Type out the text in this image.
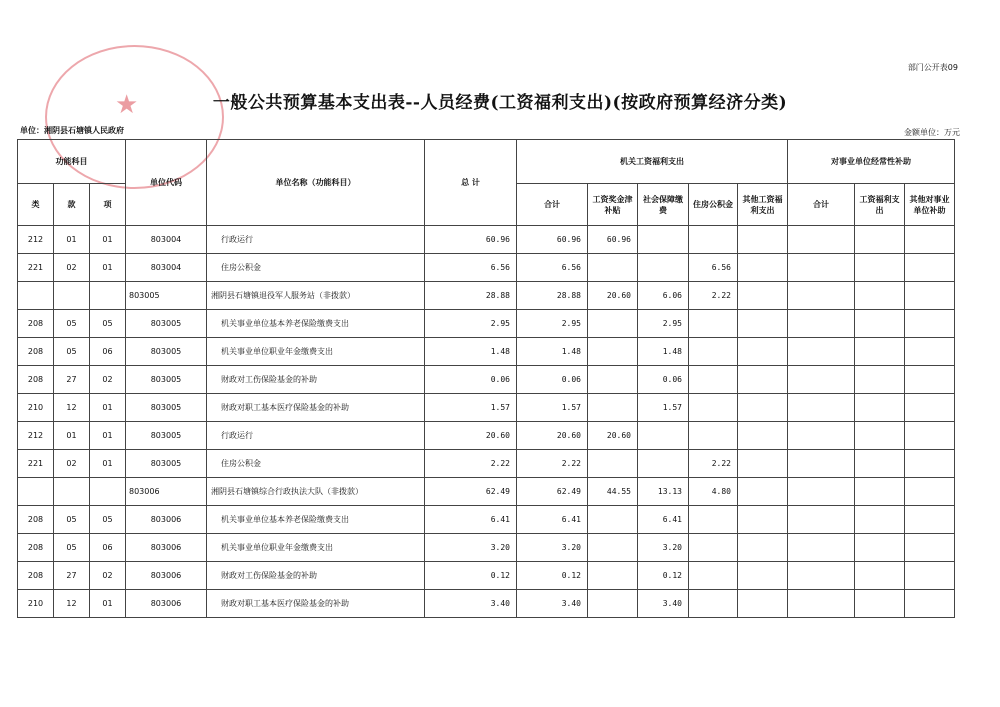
★
部门公开表09
一般公共预算基本支出表--人员经费(工资福利支出)(按政府预算经济分类)
单位：湘阴县石塘镇人民政府	金额单位：万元
功能科目			单位代码	单位名称（功能科目）	总 计	机关工资福利支出					对事业单位经常性补助		
类	款	项				合计	工资奖金津补贴	社会保障缴费	住房公积金	其他工资福利支出	合计	工资福利支出	其他对事业单位补助
212	01	01	803004	行政运行	60.96	60.96	60.96						
221	02	01	803004	住房公积金	6.56	6.56			6.56				
			803005	湘阴县石塘镇退役军人服务站（非拨款）	28.88	28.88	20.60	6.06	2.22				
208	05	05	803005	机关事业单位基本养老保险缴费支出	2.95	2.95		2.95					
208	05	06	803005	机关事业单位职业年金缴费支出	1.48	1.48		1.48					
208	27	02	803005	财政对工伤保险基金的补助	0.06	0.06		0.06					
210	12	01	803005	财政对职工基本医疗保险基金的补助	1.57	1.57		1.57					
212	01	01	803005	行政运行	20.60	20.60	20.60						
221	02	01	803005	住房公积金	2.22	2.22			2.22				
			803006	湘阴县石塘镇综合行政执法大队（非拨款）	62.49	62.49	44.55	13.13	4.80				
208	05	05	803006	机关事业单位基本养老保险缴费支出	6.41	6.41		6.41					
208	05	06	803006	机关事业单位职业年金缴费支出	3.20	3.20		3.20					
208	27	02	803006	财政对工伤保险基金的补助	0.12	0.12		0.12					
210	12	01	803006	财政对职工基本医疗保险基金的补助	3.40	3.40		3.40					
